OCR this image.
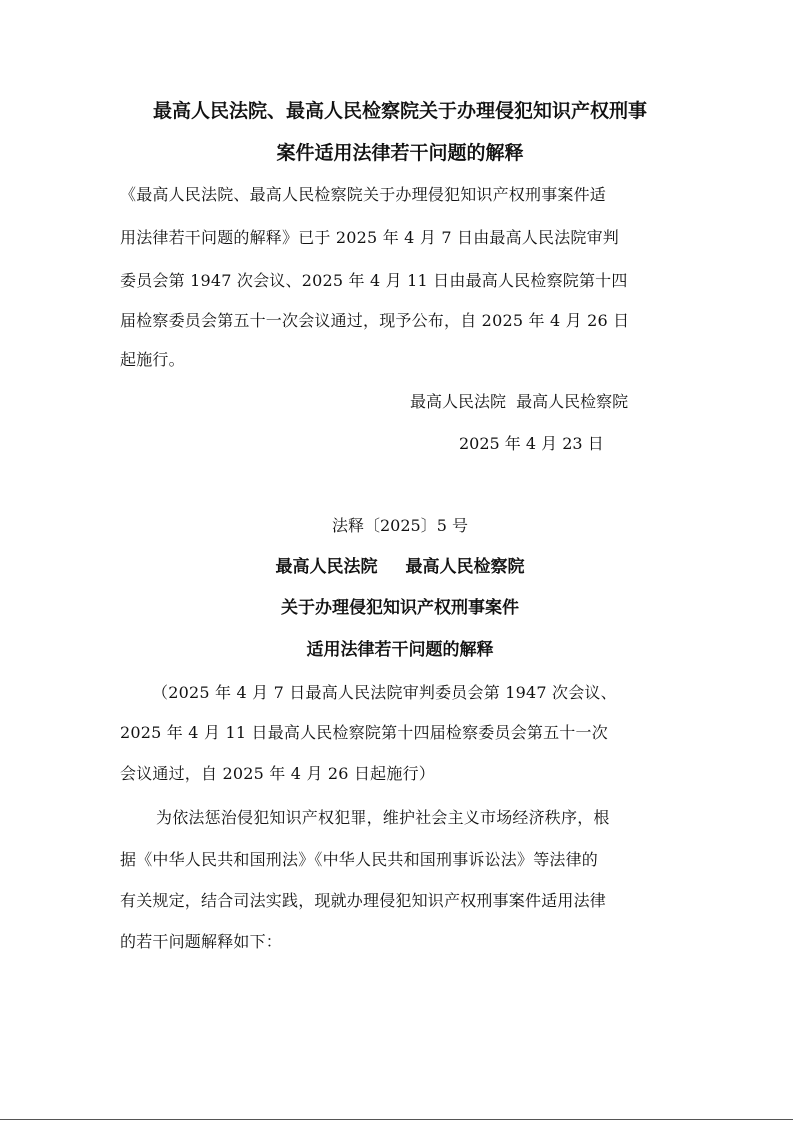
最高人民法院、最高人民检察院关于办理侵犯知识产权刑事
案件适用法律若干问题的解释
《最高人民法院、最高人民检察院关于办理侵犯知识产权刑事案件适
用法律若干问题的解释》已于 2025 年 4 月 7 日由最高人民法院审判
委员会第 1947 次会议、2025 年 4 月 11 日由最高人民检察院第十四
届检察委员会第五十一次会议通过，现予公布，自 2025 年 4 月 26 日
起施行。
最高人民法院  最高人民检察院
2025 年 4 月 23 日
法释〔2025〕5 号
最高人民法院 最高人民检察院
关于办理侵犯知识产权刑事案件
适用法律若干问题的解释
（2025 年 4 月 7 日最高人民法院审判委员会第 1947 次会议、
2025 年 4 月 11 日最高人民检察院第十四届检察委员会第五十一次
会议通过，自 2025 年 4 月 26 日起施行）
为依法惩治侵犯知识产权犯罪，维护社会主义市场经济秩序，根
据《中华人民共和国刑法》《中华人民共和国刑事诉讼法》等法律的
有关规定，结合司法实践，现就办理侵犯知识产权刑事案件适用法律
的若干问题解释如下：
